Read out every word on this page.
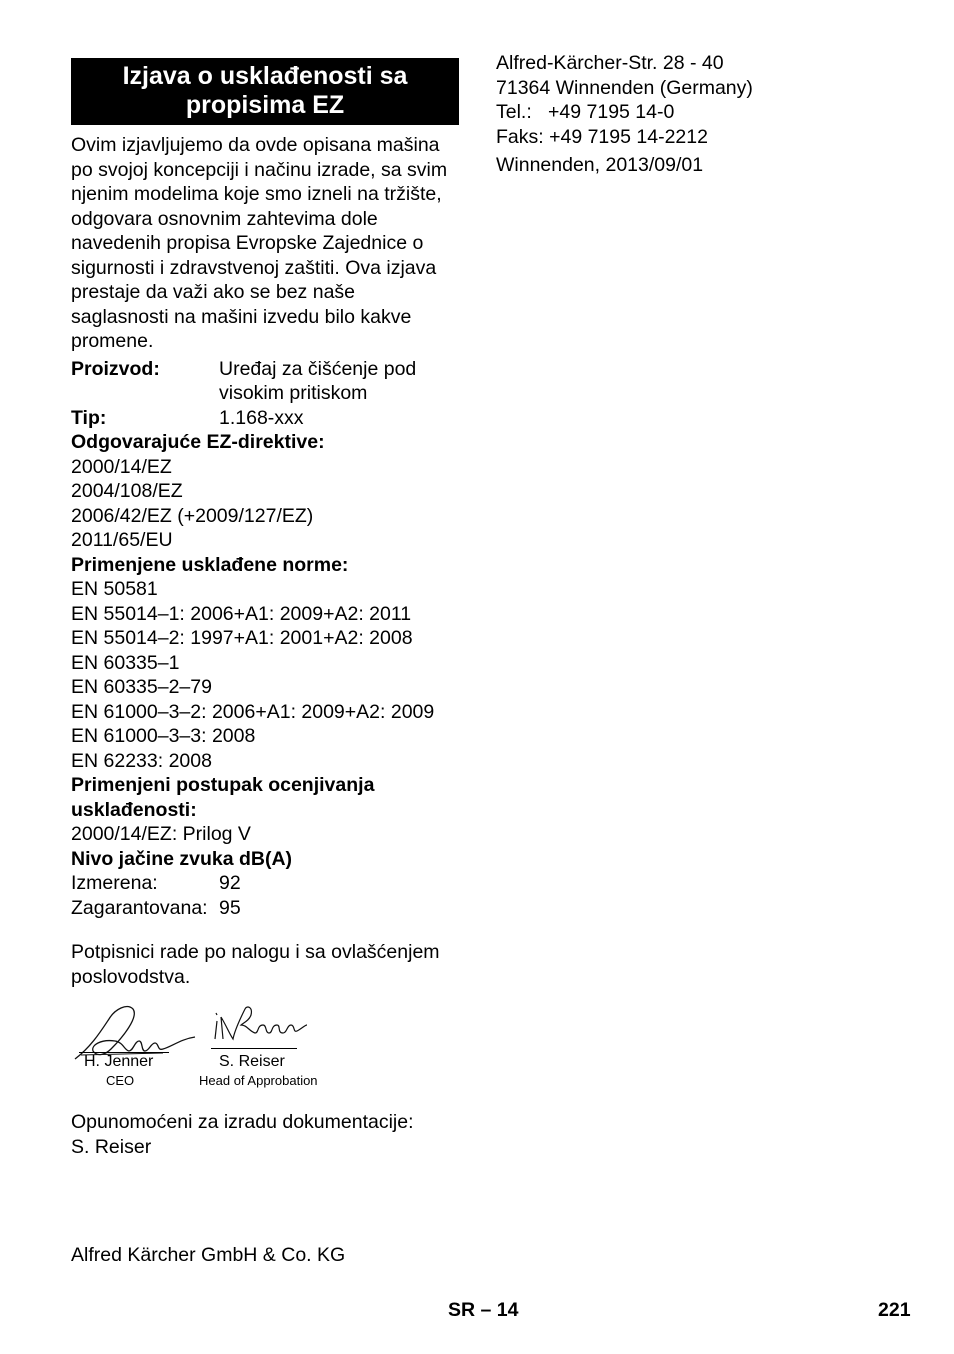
Izjava o usklađenosti sa
propisima EZ
Ovim izjavljujemo da ovde opisana mašina
po svojoj koncepciji i načinu izrade, sa svim
njenim modelima koje smo izneli na tržište,
odgovara osnovnim zahtevima dole
navedenih propisa Evropske Zajednice o
sigurnosti i zdravstvenoj zaštiti. Ova izjava
prestaje da važi ako se bez naše
saglasnosti na mašini izvedu bilo kakve
promene.
Proizvod:	Uređaj za čišćenje pod
visokim pritiskom
Tip:	1.168-xxx
Odgovarajuće EZ-direktive:
2000/14/EZ
2004/108/EZ
2006/42/EZ (+2009/127/EZ)
2011/65/EU
Primenjene usklađene norme:
EN 50581
EN 55014–1: 2006+A1: 2009+A2: 2011
EN 55014–2: 1997+A1: 2001+A2: 2008
EN 60335–1
EN 60335–2–79
EN 61000–3–2: 2006+A1: 2009+A2: 2009
EN 61000–3–3: 2008
EN 62233: 2008
Primenjeni postupak ocenjivanja
usklađenosti:
2000/14/EZ: Prilog V
Nivo jačine zvuka dB(A)
Izmerena:	92
Zagarantovana: 95
Potpisnici rade po nalogu i sa ovlašćenjem
poslovodstva.
H. Jenner
CEO
S. Reiser
Head of Approbation
Opunomoćeni za izradu dokumentacije:
S. Reiser
Alfred Kärcher GmbH & Co. KG
Alfred-Kärcher-Str. 28 - 40
71364 Winnenden (Germany)
Tel.:   +49 7195 14-0
Faks: +49 7195 14-2212
Winnenden, 2013/09/01
SR – 14	221
